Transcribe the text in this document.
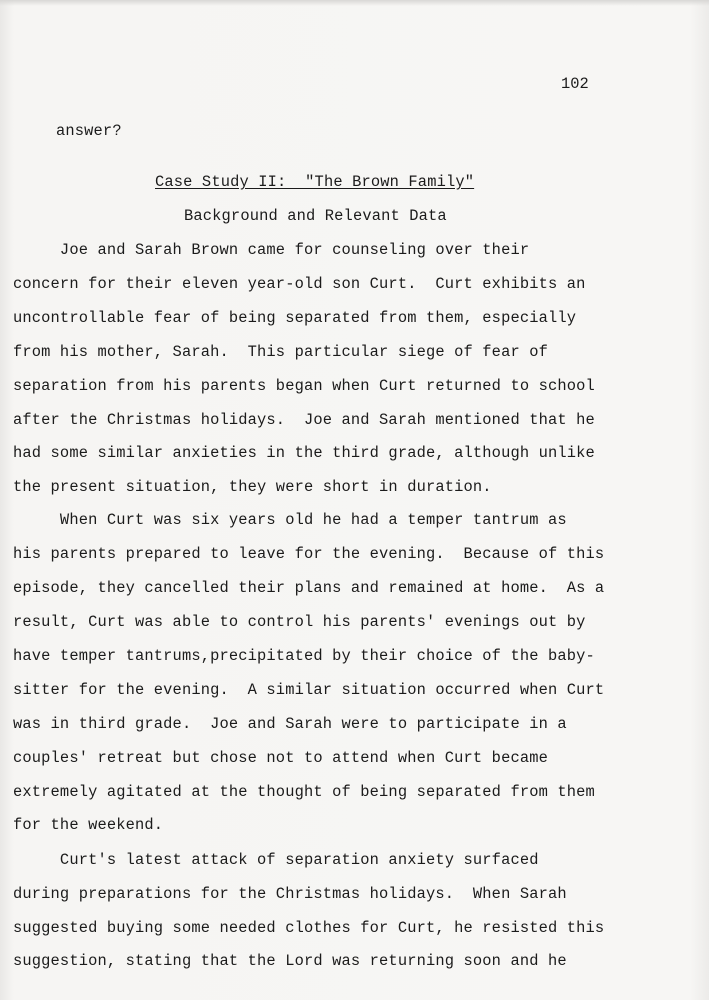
102
answer?
Case Study II:  "The Brown Family"
Background and Relevant Data
Joe and Sarah Brown came for counseling over their
concern for their eleven year-old son Curt.  Curt exhibits an
uncontrollable fear of being separated from them, especially
from his mother, Sarah.  This particular siege of fear of
separation from his parents began when Curt returned to school
after the Christmas holidays.  Joe and Sarah mentioned that he
had some similar anxieties in the third grade, although unlike
the present situation, they were short in duration.
When Curt was six years old he had a temper tantrum as
his parents prepared to leave for the evening.  Because of this
episode, they cancelled their plans and remained at home.  As a
result, Curt was able to control his parents' evenings out by
have temper tantrums,precipitated by their choice of the baby-
sitter for the evening.  A similar situation occurred when Curt
was in third grade.  Joe and Sarah were to participate in a
couples' retreat but chose not to attend when Curt became
extremely agitated at the thought of being separated from them
for the weekend.
Curt's latest attack of separation anxiety surfaced
during preparations for the Christmas holidays.  When Sarah
suggested buying some needed clothes for Curt, he resisted this
suggestion, stating that the Lord was returning soon and he
